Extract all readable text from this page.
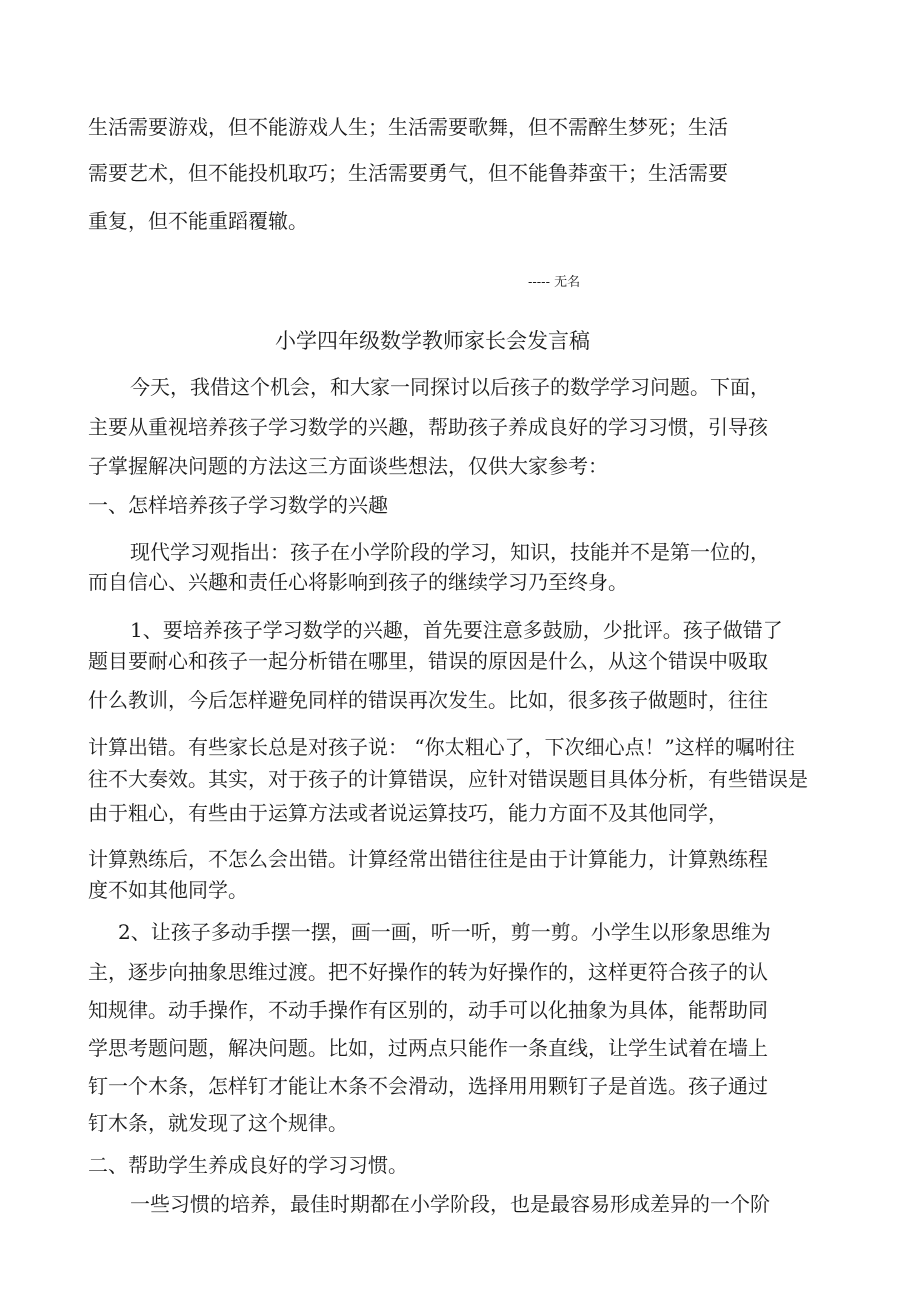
生活需要游戏，但不能游戏人生；生活需要歌舞，但不需醉生梦死；生活
需要艺术，但不能投机取巧；生活需要勇气，但不能鲁莽蛮干；生活需要
重复，但不能重蹈覆辙。
----- 无名
小学四年级数学教师家长会发言稿
今天，我借这个机会，和大家一同探讨以后孩子的数学学习问题。下面，
主要从重视培养孩子学习数学的兴趣，帮助孩子养成良好的学习习惯，引导孩
子掌握解决问题的方法这三方面谈些想法，仅供大家参考：
一、怎样培养孩子学习数学的兴趣
现代学习观指出：孩子在小学阶段的学习，知识，技能并不是第一位的，
而自信心、兴趣和责任心将影响到孩子的继续学习乃至终身。
1、要培养孩子学习数学的兴趣，首先要注意多鼓励，少批评。孩子做错了
题目要耐心和孩子一起分析错在哪里，错误的原因是什么，从这个错误中吸取
什么教训，今后怎样避免同样的错误再次发生。比如，很多孩子做题时，往往
计算出错。有些家长总是对孩子说： “你太粗心了，下次细心点！”这样的嘱咐往
往不大奏效。其实，对于孩子的计算错误，应针对错误题目具体分析，有些错误是
由于粗心，有些由于运算方法或者说运算技巧，能力方面不及其他同学，
计算熟练后，不怎么会出错。计算经常出错往往是由于计算能力，计算熟练程
度不如其他同学。
2、让孩子多动手摆一摆，画一画，听一听，剪一剪。小学生以形象思维为
主，逐步向抽象思维过渡。把不好操作的转为好操作的，这样更符合孩子的认
知规律。动手操作，不动手操作有区别的，动手可以化抽象为具体，能帮助同
学思考题问题，解决问题。比如，过两点只能作一条直线，让学生试着在墙上
钉一个木条，怎样钉才能让木条不会滑动，选择用用颗钉子是首选。孩子通过
钉木条，就发现了这个规律。
二、帮助学生养成良好的学习习惯。
一些习惯的培养，最佳时期都在小学阶段，也是最容易形成差异的一个阶
